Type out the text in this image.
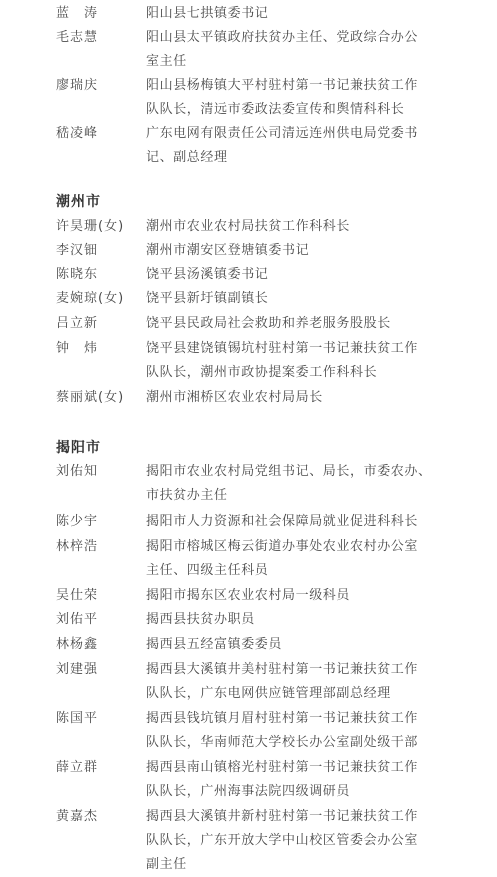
蓝　涛	阳山县七拱镇委书记
毛志慧	阳山县太平镇政府扶贫办主任、党政综合办公
室主任
廖瑞庆	阳山县杨梅镇大平村驻村第一书记兼扶贫工作
队队长，清远市委政法委宣传和舆情科科长
嵇凌峰	广东电网有限责任公司清远连州供电局党委书
记、副总经理
潮州市
许昊珊(女)	潮州市农业农村局扶贫工作科科长
李汉钿	潮州市潮安区登塘镇委书记
陈晓东	饶平县汤溪镇委书记
麦婉琼(女)	饶平县新圩镇副镇长
吕立新	饶平县民政局社会救助和养老服务股股长
钟　炜	饶平县建饶镇锡坑村驻村第一书记兼扶贫工作
队队长，潮州市政协提案委工作科科长
蔡丽斌(女)	潮州市湘桥区农业农村局局长
揭阳市
刘佑知	揭阳市农业农村局党组书记、局长，市委农办、
市扶贫办主任
陈少宇	揭阳市人力资源和社会保障局就业促进科科长
林梓浩	揭阳市榕城区梅云街道办事处农业农村办公室
主任、四级主任科员
吴仕荣	揭阳市揭东区农业农村局一级科员
刘佑平	揭西县扶贫办职员
林杨鑫	揭西县五经富镇委委员
刘建强	揭西县大溪镇井美村驻村第一书记兼扶贫工作
队队长，广东电网供应链管理部副总经理
陈国平	揭西县钱坑镇月眉村驻村第一书记兼扶贫工作
队队长，华南师范大学校长办公室副处级干部
薛立群	揭西县南山镇榕光村驻村第一书记兼扶贫工作
队队长，广州海事法院四级调研员
黄嘉杰	揭西县大溪镇井新村驻村第一书记兼扶贫工作
队队长，广东开放大学中山校区管委会办公室
副主任
